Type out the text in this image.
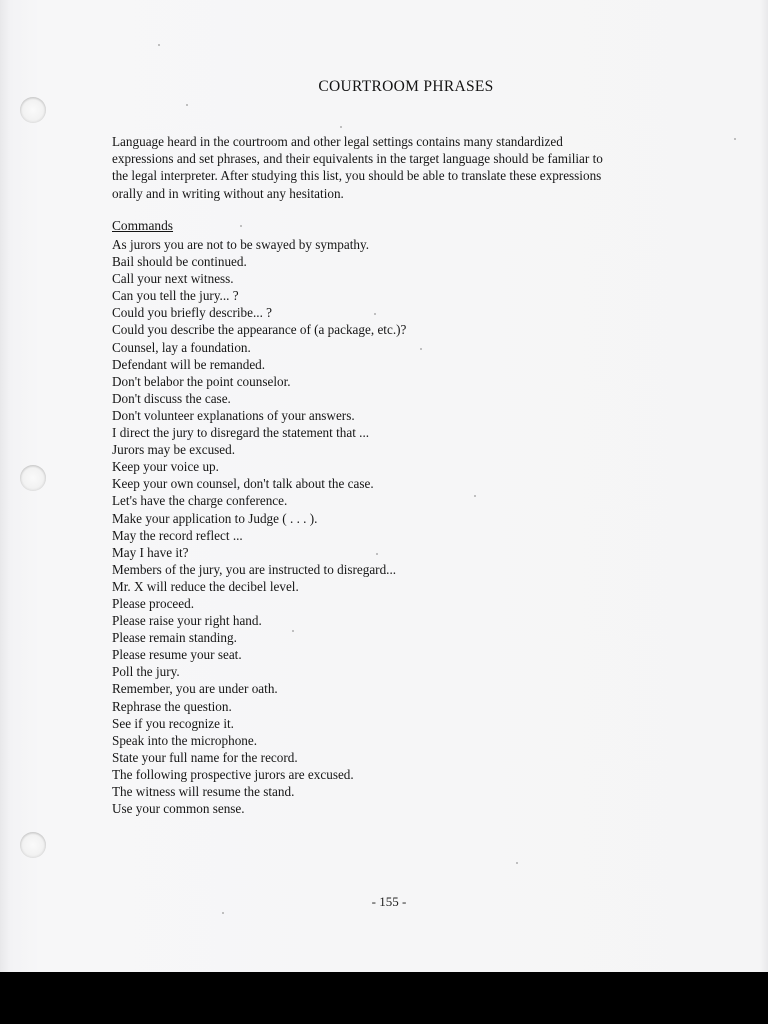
COURTROOM PHRASES
Language heard in the courtroom and other legal settings contains many standardized
expressions and set phrases, and their equivalents in the target language should be familiar to
the legal interpreter. After studying this list, you should be able to translate these expressions
orally and in writing without any hesitation.
Commands
As jurors you are not to be swayed by sympathy.
Bail should be continued.
Call your next witness.
Can you tell the jury... ?
Could you briefly describe... ?
Could you describe the appearance of (a package, etc.)?
Counsel, lay a foundation.
Defendant will be remanded.
Don't belabor the point counselor.
Don't discuss the case.
Don't volunteer explanations of your answers.
I direct the jury to disregard the statement that ...
Jurors may be excused.
Keep your voice up.
Keep your own counsel, don't talk about the case.
Let's have the charge conference.
Make your application to Judge ( . . . ).
May the record reflect ...
May I have it?
Members of the jury, you are instructed to disregard...
Mr. X will reduce the decibel level.
Please proceed.
Please raise your right hand.
Please remain standing.
Please resume your seat.
Poll the jury.
Remember, you are under oath.
Rephrase the question.
See if you recognize it.
Speak into the microphone.
State your full name for the record.
The following prospective jurors are excused.
The witness will resume the stand.
Use your common sense.
- 155 -
